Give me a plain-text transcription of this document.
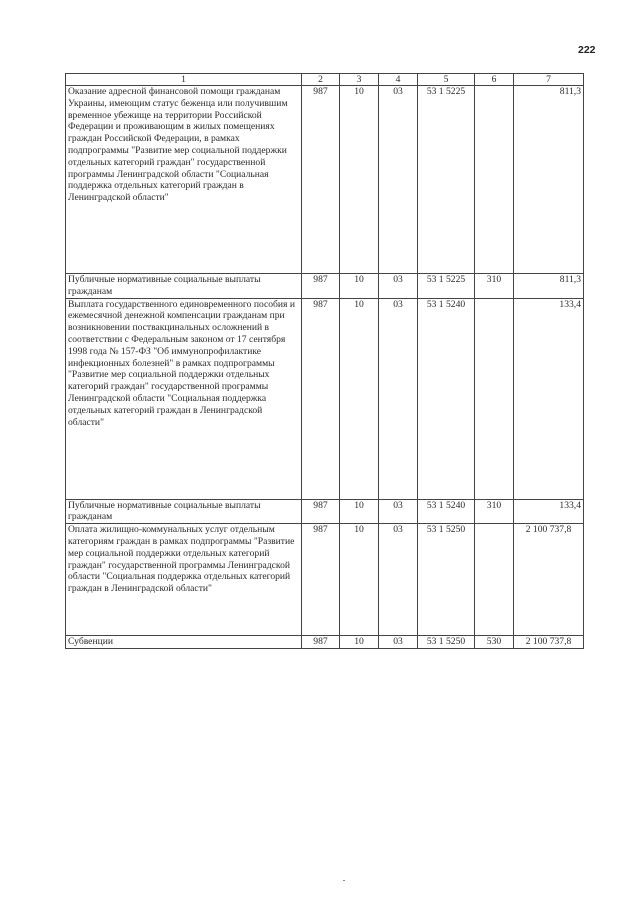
222
1	2	3	4	5	6	7
Оказание адресной финансовой помощи гражданам Украины, имеющим статус беженца или получившим временное убежище на территории Российской Федерации и проживающим в жилых помещениях граждан Российской Федерации, в рамках подпрограммы "Развитие мер социальной поддержки отдельных категорий граждан" государственной программы Ленинградской области "Социальная поддержка отдельных категорий граждан в Ленинградской области"	987	10	03	53 1 5225		811,3
Публичные нормативные социальные выплаты гражданам	987	10	03	53 1 5225	310	811,3
Выплата государственного единовременного пособия и ежемесячной денежной компенсации гражданам при возникновении поствакцинальных осложнений в соответствии с Федеральным законом от 17 сентября 1998 года № 157-ФЗ "Об иммунопрофилактике инфекционных болезней" в рамках подпрограммы "Развитие мер социальной поддержки отдельных категорий граждан" государственной программы Ленинградской области "Социальная поддержка отдельных категорий граждан в Ленинградской области"	987	10	03	53 1 5240		133,4
Публичные нормативные социальные выплаты гражданам	987	10	03	53 1 5240	310	133,4
Оплата жилищно-коммунальных услуг отдельным категориям граждан в рамках подпрограммы "Развитие мер социальной поддержки отдельных категорий граждан" государственной программы Ленинградской области "Социальная поддержка отдельных категорий граждан в Ленинградской области"	987	10	03	53 1 5250		2 100 737,8
Субвенции	987	10	03	53 1 5250	530	2 100 737,8
